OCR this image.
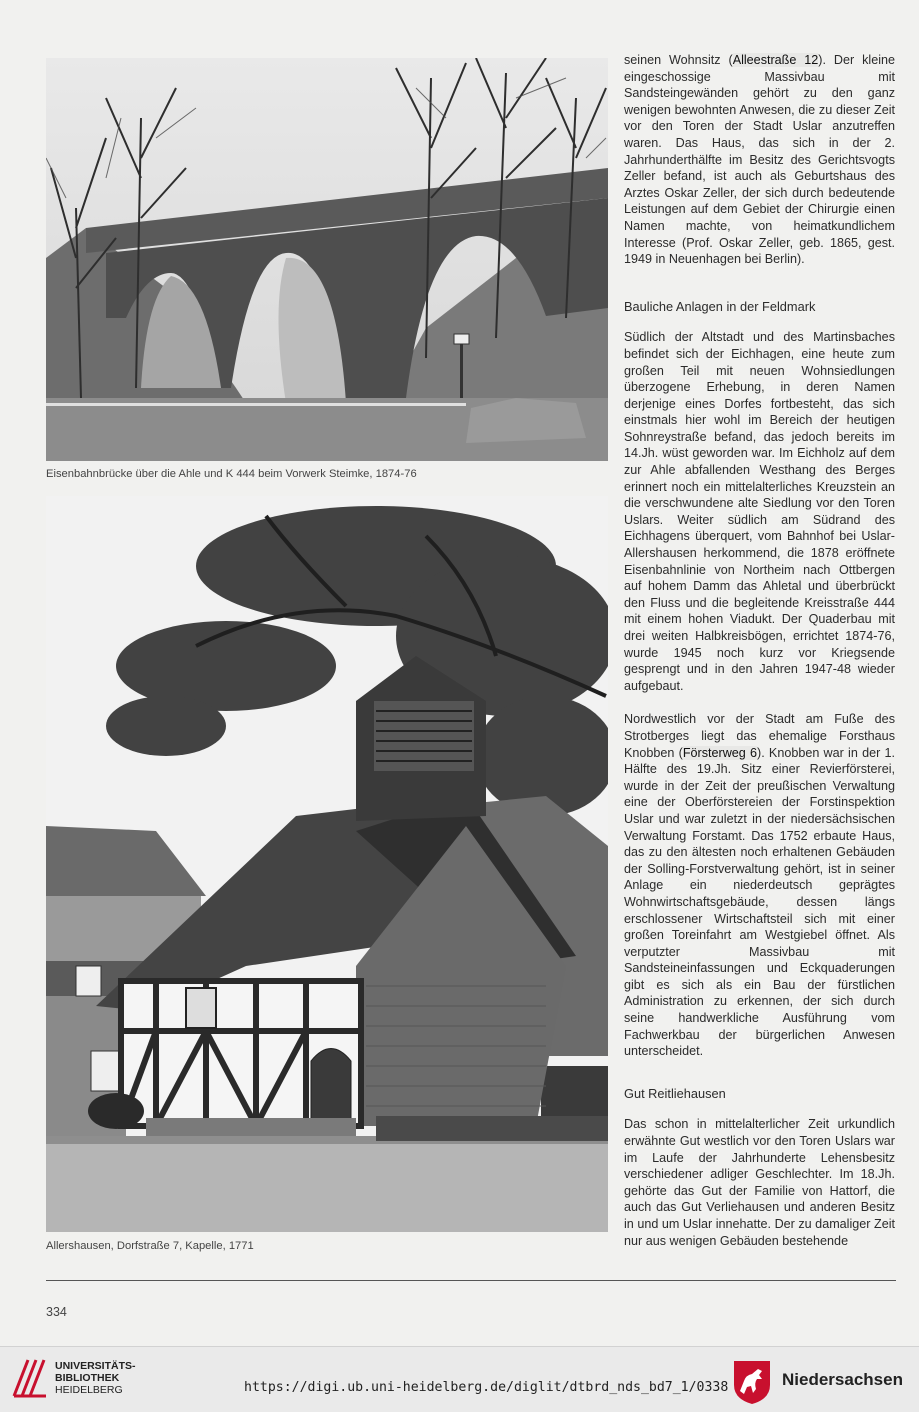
Eisenbahnbrücke über die Ahle und K 444 beim Vorwerk Steimke, 1874-76
Allershausen, Dorfstraße 7, Kapelle, 1771

seinen Wohnsitz (Alleestraße 12). Der kleine eingeschossige Massivbau mit Sandsteingewänden gehört zu den ganz wenigen bewohnten Anwesen, die zu dieser Zeit vor den Toren der Stadt Uslar anzutreffen waren. Das Haus, das sich in der 2. Jahrhunderthälfte im Besitz des Gerichtsvogts Zeller befand, ist auch als Geburtshaus des Arztes Oskar Zeller, der sich durch bedeutende Leistungen auf dem Gebiet der Chirurgie einen Namen machte, von heimatkundlichem Interesse (Prof. Oskar Zeller, geb. 1865, gest. 1949 in Neuenhagen bei Berlin).

Bauliche Anlagen in der Feldmark

Südlich der Altstadt und des Martinsbaches befindet sich der Eichhagen, eine heute zum großen Teil mit neuen Wohnsiedlungen überzogene Erhebung, in deren Namen derjenige eines Dorfes fortbesteht, das sich einstmals hier wohl im Bereich der heutigen Sohnreystraße befand, das jedoch bereits im 14.Jh. wüst geworden war. Im Eichholz auf dem zur Ahle abfallenden Westhang des Berges erinnert noch ein mittelalterliches Kreuzstein an die verschwundene alte Siedlung vor den Toren Uslars. Weiter südlich am Südrand des Eichhagens überquert, vom Bahnhof bei Uslar-Allershausen herkommend, die 1878 eröffnete Eisenbahnlinie von Northeim nach Ottbergen auf hohem Damm das Ahletal und überbrückt den Fluss und die begleitende Kreisstraße 444 mit einem hohen Viadukt. Der Quaderbau mit drei weiten Halbkreisbögen, errichtet 1874-76, wurde 1945 noch kurz vor Kriegsende gesprengt und in den Jahren 1947-48 wieder aufgebaut.

Nordwestlich vor der Stadt am Fuße des Strotberges liegt das ehemalige Forsthaus Knobben (Försterweg 6). Knobben war in der 1. Hälfte des 19.Jh. Sitz einer Revierförsterei, wurde in der Zeit der preußischen Verwaltung eine der Oberförstereien der Forstinspektion Uslar und war zuletzt in der niedersächsischen Verwaltung Forstamt. Das 1752 erbaute Haus, das zu den ältesten noch erhaltenen Gebäuden der Solling-Forstverwaltung gehört, ist in seiner Anlage ein niederdeutsch geprägtes Wohnwirtschaftsgebäude, dessen längs erschlossener Wirtschaftsteil sich mit einer großen Toreinfahrt am Westgiebel öffnet. Als verputzter Massivbau mit Sandsteineinfassungen und Eckquaderungen gibt es sich als ein Bau der fürstlichen Administration zu erkennen, der sich durch seine handwerkliche Ausführung vom Fachwerkbau der bürgerlichen Anwesen unterscheidet.

Gut Reitliehausen

Das schon in mittelalterlicher Zeit urkundlich erwähnte Gut westlich vor den Toren Uslars war im Laufe der Jahrhunderte Lehensbesitz verschiedener adliger Geschlechter. Im 18.Jh. gehörte das Gut der Familie von Hattorf, die auch das Gut Verliehausen und anderen Besitz in und um Uslar innehatte. Der zu damaliger Zeit nur aus wenigen Gebäuden bestehende

334
UNIVERSITÄTS-
BIBLIOTHEK
HEIDELBERG	https://digi.ub.uni-heidelberg.de/diglit/dtbrd_nds_bd7_1/0338	Niedersachsen
